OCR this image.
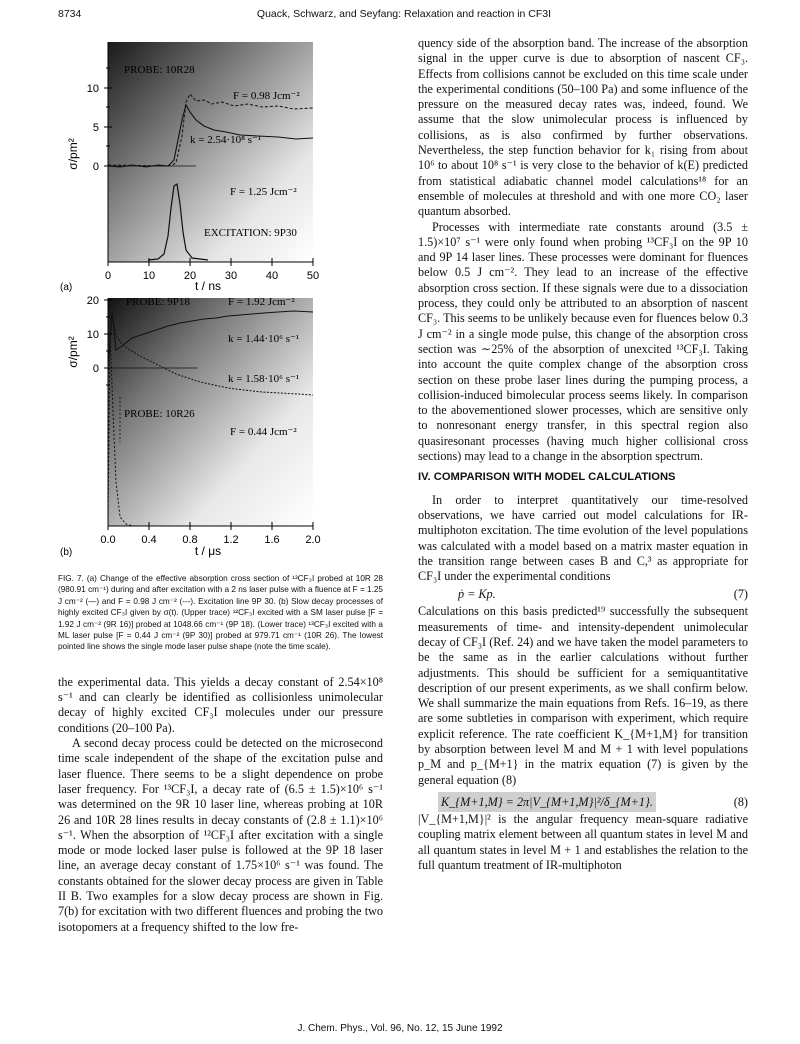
8734	Quack, Schwarz, and Seyfang: Relaxation and reaction in CF3I
10
5
0
σ/pm²
0	10	20	30	40	50
t / ns
(a)
PROBE: 10R28
F = 0.98 Jcm⁻²
k = 2.54·10⁸ s⁻¹
F = 1.25 Jcm⁻²
EXCITATION: 9P30
20
10
0
σ/pm²
0.0 0.4 0.8 1.2 1.6 2.0
t / μs
(b)
PROBE: 9P18	F = 1.92 Jcm⁻²
k = 1.44·10⁶ s⁻¹
k = 1.58·10⁶ s⁻¹
PROBE: 10R26
F = 0.44 Jcm⁻²

FIG. 7. (a) Change of the effective absorption cross section of ¹³CF₃I probed at 10R 28 (980.91 cm⁻¹) during and after excitation with a 2 ns laser pulse with a fluence at F = 1.25 J cm⁻² (—) and F = 0.98 J cm⁻² (---). Excitation line 9P 30. (b) Slow decay processes of highly excited CF₃I given by σ(t). (Upper trace) ¹²CF₃I excited with a SM laser pulse [F = 1.92 J cm⁻² (9R 16)] probed at 1048.66 cm⁻¹ (9P 18). (Lower trace) ¹³CF₃I excited with a ML laser pulse [F = 0.44 J cm⁻² (9P 30)] probed at 979.71 cm⁻¹ (10R 26). The lowest pointed line shows the single mode laser pulse shape (note the time scale).

the experimental data. This yields a decay constant of 2.54×10⁸ s⁻¹ and can clearly be identified as collisionless unimolecular decay of highly excited CF₃I molecules under our pressure conditions (20–100 Pa).

A second decay process could be detected on the microsecond time scale independent of the shape of the excitation pulse and laser fluence. There seems to be a slight dependence on probe laser frequency. For ¹³CF₃I, a decay rate of (6.5 ± 1.5)×10⁶ s⁻¹ was determined on the 9R 10 laser line, whereas probing at 10R 26 and 10R 28 lines results in decay constants of (2.8 ± 1.1)×10⁶ s⁻¹. When the absorption of ¹²CF₃I after excitation with a single mode or mode locked laser pulse is followed at the 9P 18 laser line, an average decay constant of 1.75×10⁶ s⁻¹ was found. The constants obtained for the slower decay process are given in Table II B. Two examples for a slow decay process are shown in Fig. 7(b) for excitation with two different fluences and probing the two isotopomers at a frequency shifted to the low fre-

quency side of the absorption band. The increase of the absorption signal in the upper curve is due to absorption of nascent CF₃. Effects from collisions cannot be excluded on this time scale under the experimental conditions (50–100 Pa) and some influence of the pressure on the measured decay rates was, indeed, found. We assume that the slow unimolecular process is influenced by collisions, as is also confirmed by further observations. Nevertheless, the step function behavior for k₁ rising from about 10⁶ to about 10⁸ s⁻¹ is very close to the behavior of k(E) predicted from statistical adiabatic channel model calculations¹⁸ for an ensemble of molecules at threshold and with one more CO₂ laser quantum absorbed.

Processes with intermediate rate constants around (3.5 ± 1.5)×10⁷ s⁻¹ were only found when probing ¹³CF₃I on the 9P 10 and 9P 14 laser lines. These processes were dominant for fluences below 0.5 J cm⁻². They lead to an increase of the effective absorption cross section. If these signals were due to a dissociation process, they could only be attributed to an absorption of nascent CF₃. This seems to be unlikely because even for fluences below 0.3 J cm⁻² in a single mode pulse, this change of the absorption cross section was ∼25% of the absorption of unexcited ¹³CF₃I. Taking into account the quite complex change of the absorption cross section on these probe laser lines during the pumping process, a collision-induced bimolecular process seems likely. In comparison to the abovementioned slower processes, which are sensitive only to nonresonant energy transfer, in this spectral region also quasiresonant processes (having much higher collisional cross sections) may lead to a change in the absorption spectrum.

IV. COMPARISON WITH MODEL CALCULATIONS

In order to interpret quantitatively our time-resolved observations, we have carried out model calculations for IR-multiphoton excitation. The time evolution of the level populations was calculated with a model based on a matrix master equation in the transition range between cases B and C,³ as appropriate for CF₃I under the experimental conditions

ṗ = Kp.	(7)

Calculations on this basis predicted¹⁹ successfully the subsequent measurements of time- and intensity-dependent unimolecular decay of CF₃I (Ref. 24) and we have taken the model parameters to be the same as in the earlier calculations without further adjustments. This should be sufficient for a semiquantitative description of our present experiments, as we shall confirm below. We shall summarize the main equations from Refs. 16–19, as there are some subtleties in comparison with experiment, which require explicit reference. The rate coefficient K_{M+1,M} for transition by absorption between level M and M + 1 with level populations p_M and p_{M+1} in the matrix equation (7) is given by the general equation (8)

K_{M+1,M} = 2π|V_{M+1,M}|²/δ_{M+1}.	(8)

|V_{M+1,M}|² is the angular frequency mean-square radiative coupling matrix element between all quantum states in level M and all quantum states in level M + 1 and establishes the relation to the full quantum treatment of IR-multiphoton

J. Chem. Phys., Vol. 96, No. 12, 15 June 1992
